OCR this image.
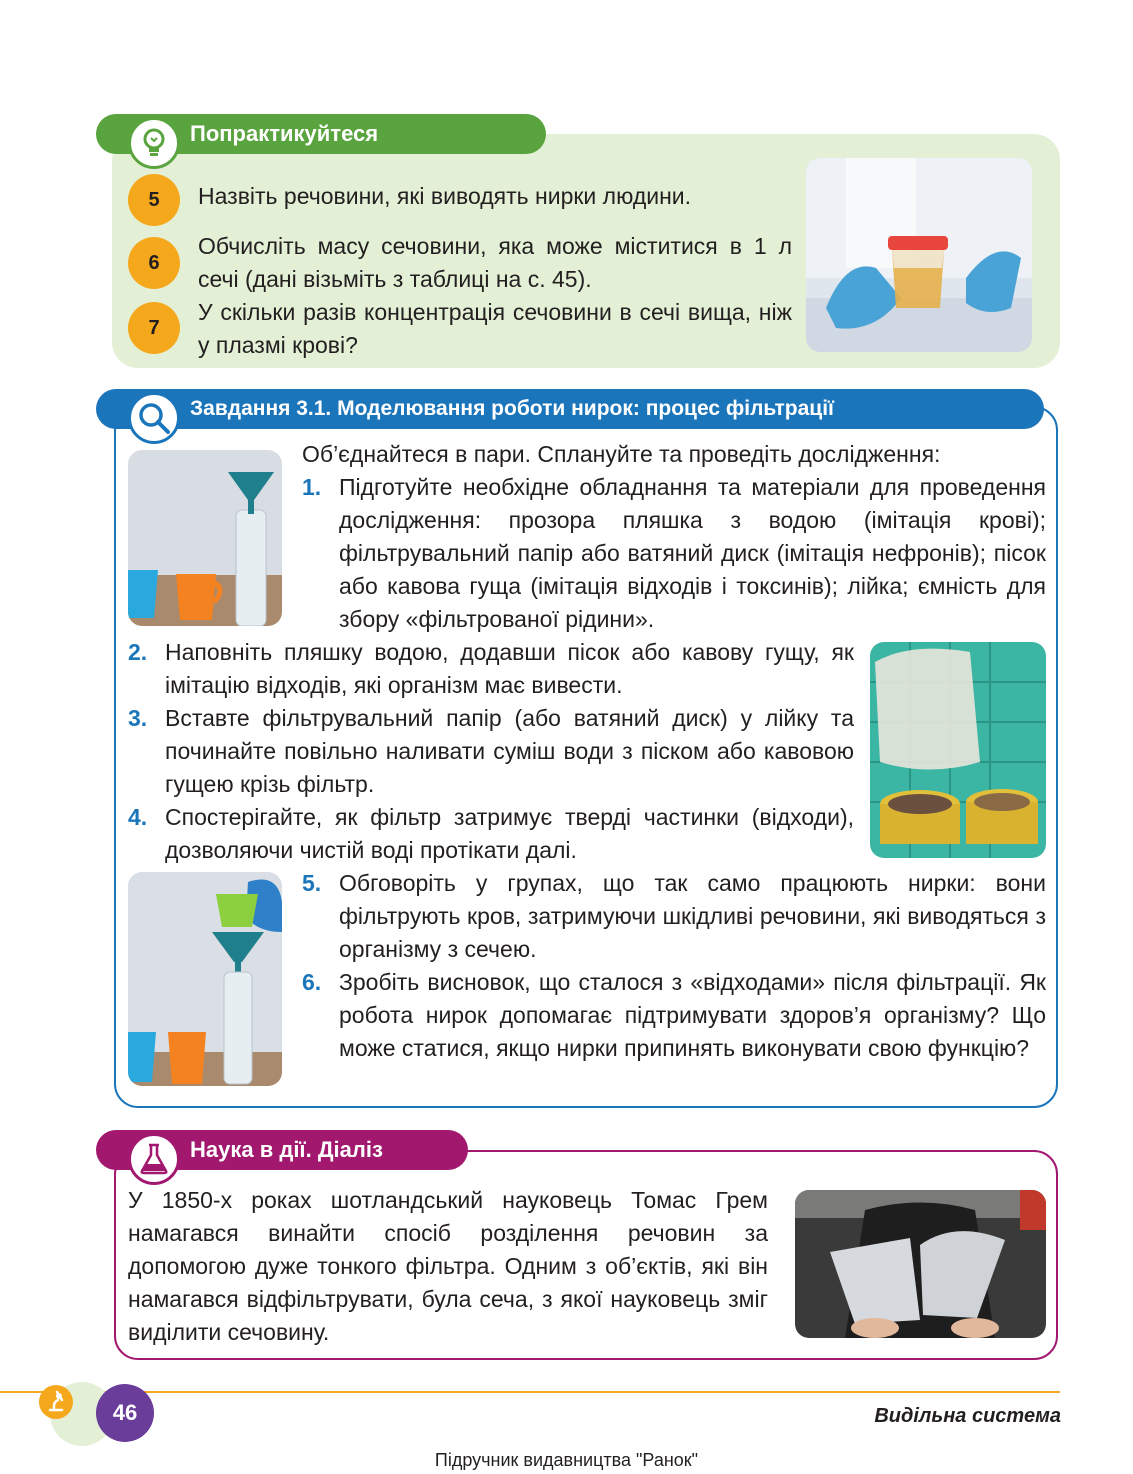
Попрактикуйтеся
5	Назвіть речовини, які виводять нирки людини.
6
Обчисліть масу сечовини, яка може міститися в 1 л сечі (дані візьміть з таблиці на с. 45).
7
У скільки разів концентрація сечовини в сечі вища, ніж у плазмі крові?
Завдання 3.1. Моделювання роботи нирок: процес фільтрації
Об’єднайтеся в пари. Сплануйте та проведіть дослідження:
1. Підготуйте необхідне обладнання та матеріали для проведення дослідження: прозора пляшка з водою (імітація крові); фільтрувальний папір або ватяний диск (імітація нефронів); пісок або кавова гуща (імітація відходів і токсинів); лійка; ємність для збору «фільтрованої рідини».
2. Наповніть пляшку водою, додавши пісок або кавову гущу, як імітацію відходів, які організм має вивести.
3. Вставте фільтрувальний папір (або ватяний диск) у лійку та починайте повільно наливати суміш води з піском або кавовою гущею крізь фільтр.
4. Спостерігайте, як фільтр затримує тверді частинки (відходи), дозволяючи чистій воді протікати далі.
5. Обговоріть у групах, що так само працюють нирки: вони фільтрують кров, затримуючи шкідливі речовини, які виводяться з організму з сечею.
6. Зробіть висновок, що сталося з «відходами» після фільтрації. Як робота нирок допомагає підтримувати здоров’я організму? Що може статися, якщо нирки припинять виконувати свою функцію?
Наука в дії. Діаліз
У 1850-х роках шотландський науковець Томас Грем намагався винайти спосіб розділення речовин за допомогою дуже тонкого фільтра. Одним з об’єктів, які він намагався відфільтрувати, була сеча, з якої науковець зміг виділити сечовину.
46	Видільна система
Підручник видавництва "Ранок"
